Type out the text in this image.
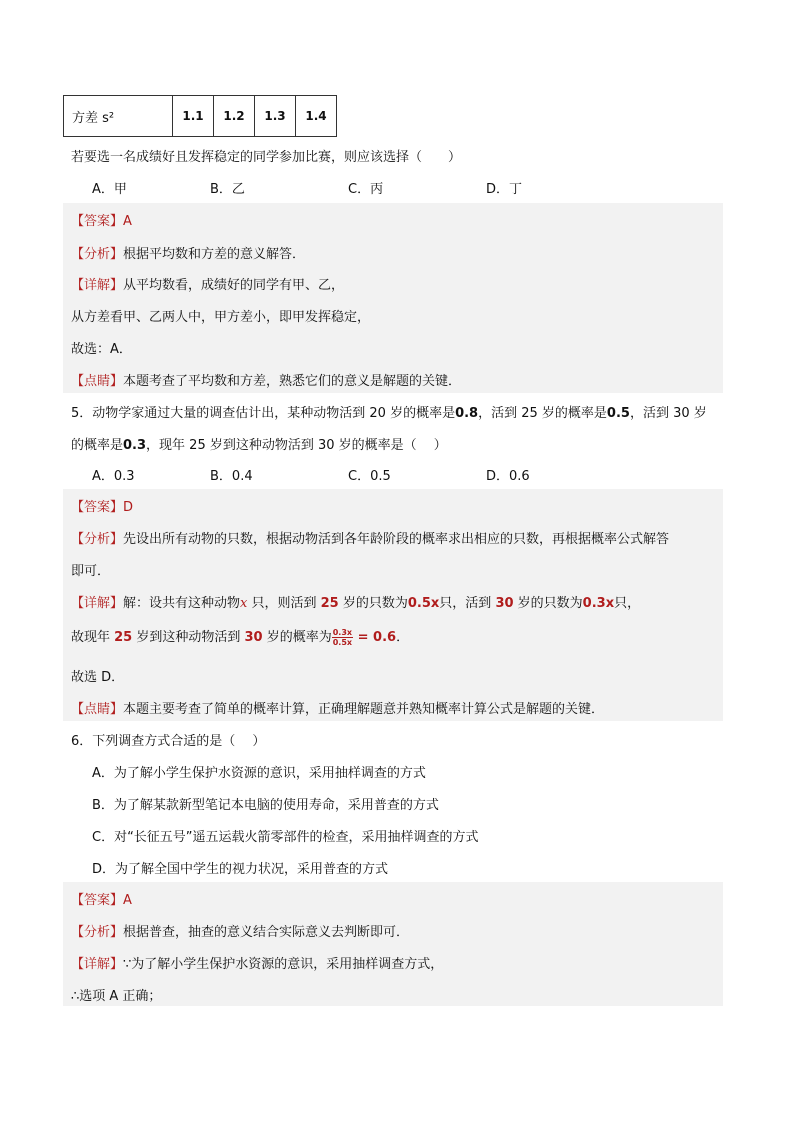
方差 s²	1.1	1.2	1.3	1.4
若要选一名成绩好且发挥稳定的同学参加比赛，则应该选择（　　）
A．甲	B．乙	C．丙	D．丁
【答案】A
【分析】根据平均数和方差的意义解答．
【详解】从平均数看，成绩好的同学有甲、乙，
从方差看甲、乙两人中，甲方差小，即甲发挥稳定，
故选：A．
【点睛】本题考查了平均数和方差，熟悉它们的意义是解题的关键．
5．动物学家通过大量的调查估计出，某种动物活到 20 岁的概率是0.8，活到 25 岁的概率是0.5，活到 30 岁
的概率是0.3，现年 25 岁到这种动物活到 30 岁的概率是（　 ）
A．0.3	B．0.4	C．0.5	D．0.6
【答案】D
【分析】先设出所有动物的只数，根据动物活到各年龄阶段的概率求出相应的只数，再根据概率公式解答
即可．
【详解】解：设共有这种动物x 只，则活到 25 岁的只数为0.5x只，活到 30 岁的只数为0.3x只，
故现年 25 岁到这种动物活到 30 岁的概率为 $\frac{0.3x}{0.5x} = 0.6$．
故选 D．
【点睛】本题主要考查了简单的概率计算，正确理解题意并熟知概率计算公式是解题的关键．
6．下列调查方式合适的是（　 ）
A．为了解小学生保护水资源的意识，采用抽样调查的方式
B．为了解某款新型笔记本电脑的使用寿命，采用普查的方式
C．对“长征五号”遥五运载火箭零部件的检查，采用抽样调查的方式
D．为了解全国中学生的视力状况，采用普查的方式
【答案】A
【分析】根据普查，抽查的意义结合实际意义去判断即可．
【详解】∵为了解小学生保护水资源的意识，采用抽样调查方式，
∴选项 A 正确；
